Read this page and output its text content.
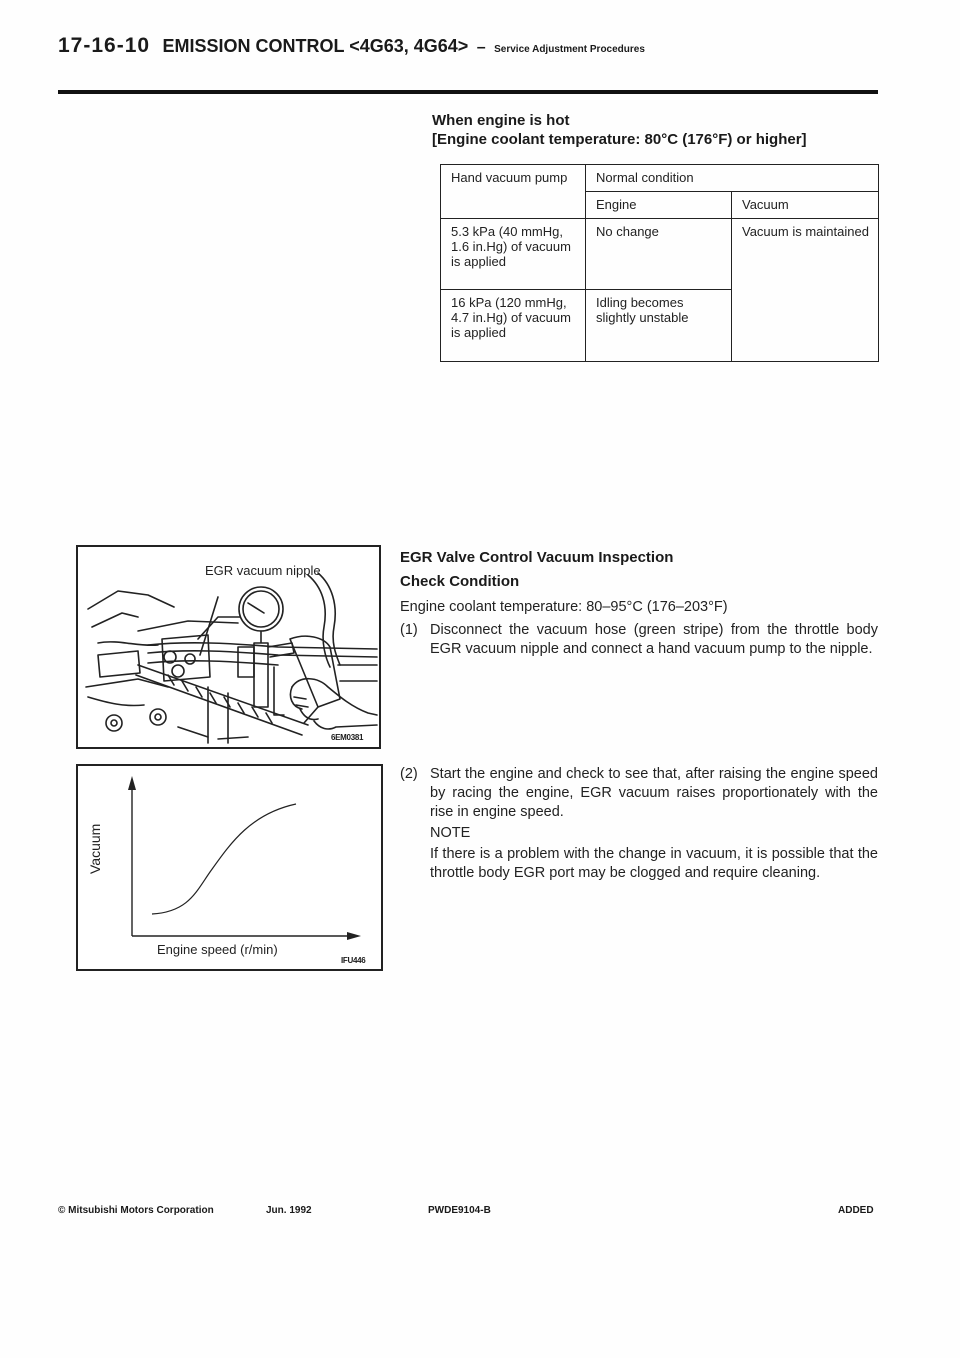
17-16-10 EMISSION CONTROL <4G63, 4G64> – Service Adjustment Procedures
When engine is hot
[Engine coolant temperature: 80°C (176°F) or higher]
Hand vacuum pump	Normal condition	
	Engine	Vacuum
5.3 kPa (40 mmHg, 1.6 in.Hg) of vacuum is applied	No change	Vacuum is maintained
16 kPa (120 mmHg, 4.7 in.Hg) of vacuum is applied	Idling becomes slightly unstable	
EGR vacuum nipple
6EM0381
Vacuum
Engine speed (r/min)
IFU446
EGR Valve Control Vacuum Inspection
Check Condition
Engine coolant temperature: 80–95°C (176–203°F)
(1) Disconnect the vacuum hose (green stripe) from the throttle body EGR vacuum nipple and connect a hand vacuum pump to the nipple.
(2) Start the engine and check to see that, after raising the engine speed by racing the engine, EGR vacuum raises proportionately with the rise in engine speed.
NOTE
If there is a problem with the change in vacuum, it is possible that the throttle body EGR port may be clogged and require cleaning.
© Mitsubishi Motors Corporation	Jun. 1992	PWDE9104-B	ADDED
